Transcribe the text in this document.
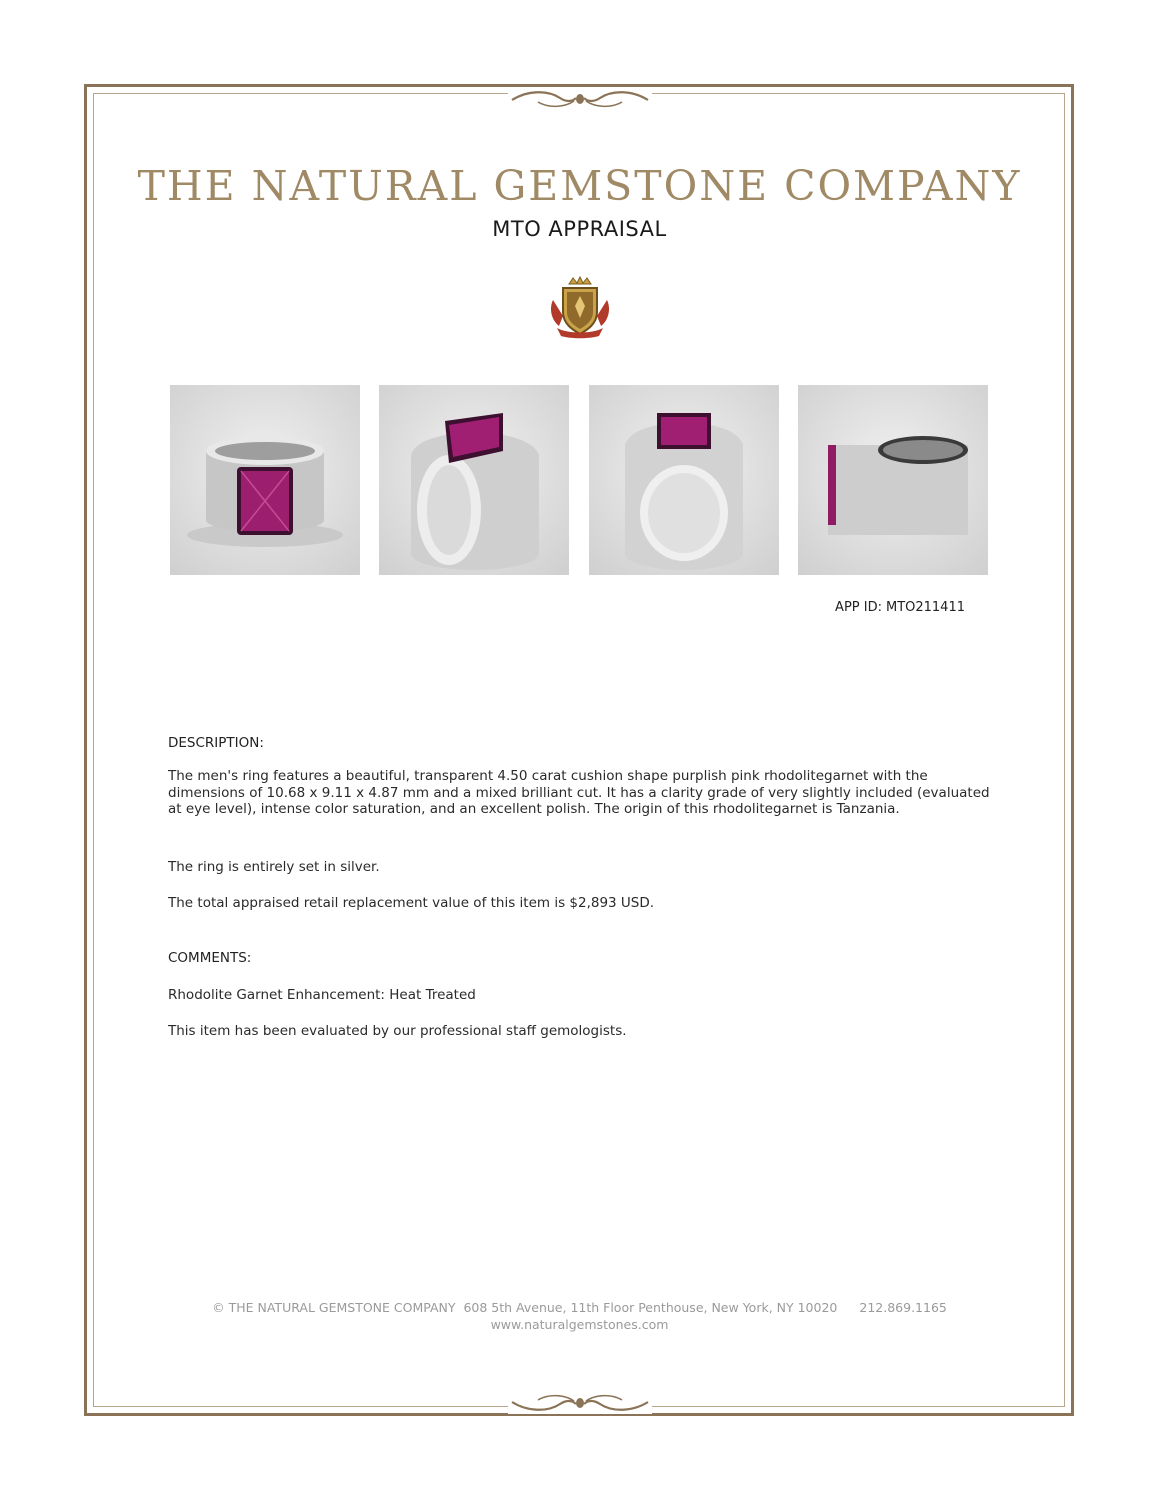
THE NATURAL GEMSTONE COMPANY
MTO APPRAISAL
APP ID: MTO211411
DESCRIPTION:
The men's ring features a beautiful, transparent 4.50 carat cushion shape purplish pink rhodolitegarnet with the dimensions of 10.68 x 9.11 x 4.87 mm and a mixed brilliant cut. It has a clarity grade of very slightly included (evaluated at eye level), intense color saturation, and an excellent polish. The origin of this rhodolitegarnet is Tanzania.
The ring is entirely set in silver.
The total appraised retail replacement value of this item is $2,893 USD.
COMMENTS:
Rhodolite Garnet Enhancement: Heat Treated
This item has been evaluated by our professional staff gemologists.
© THE NATURAL GEMSTONE COMPANY 608 5th Avenue, 11th Floor Penthouse, New York, NY 10020 212.869.1165
www.naturalgemstones.com
